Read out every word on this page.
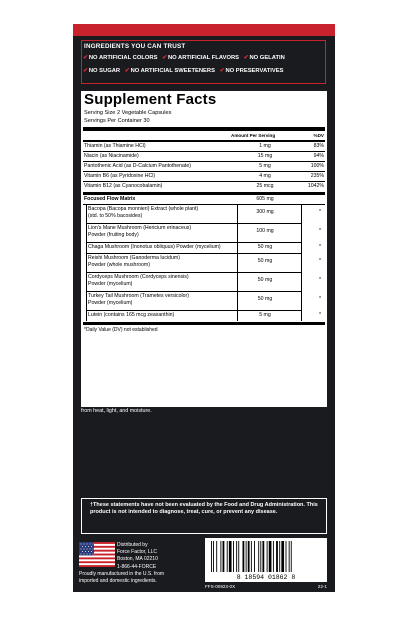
INGREDIENTS YOU CAN TRUST
✔NO ARTIFICIAL COLORS ✔NO ARTIFICIAL FLAVORS ✔NO GELATIN
✔NO SUGAR ✔NO ARTIFICIAL SWEETENERS ✔NO PRESERVATIVES
Supplement Facts
Serving Size 2 Vegetable Capsules
Servings Per Container 30
Amount Per Serving	%DV
Thiamin (as Thiamine HCl)	1 mg	83%
Niacin (as Niacinamide)	15 mg	94%
Pantothenic Acid (as D-Calcium Pantothenate)	5 mg	100%
Vitamin B6 (as Pyridoxine HCl)	4 mg	235%
Vitamin B12 (as Cyanocobalamin)	25 mcg	1042%
Focused Flow Matrix	605 mg
Bacopa (Bacopa monnieri) Extract (whole plant)
(std. to 50% bacosides)
300 mg	*
Lion's Mane Mushroom (Hericium erinaceus)
Powder (fruiting body)
100 mg	*
Chaga Mushroom (Inonotus obliquus) Powder (mycelium)	50 mg	*
Reishi Mushroom (Ganoderma lucidum)
Powder (whole mushroom)
50 mg	*
Cordyceps Mushroom (Cordyceps sinensis)
Powder (mycelium)
50 mg	*
Turkey Tail Mushroom (Trametes versicolor)
Powder (mycelium)
50 mg	*
Lutein (contains 165 mcg zeaxanthin)	5 mg	*
*Daily Value (DV) not established
Other Ingredients: Hypromellose, Microcrystalline Cellulose, Silicon Dioxide, Vegetable Magnesium Stearate.
Keep out of reach of children. For adult use only.
Allergen Warning: Manufactured by equipment which may process products containing milk, eggs, soy, wheat, shellfish, fish, tree nuts, peanuts, and sesame.
Precautions: Use only as directed. Consult a healthcare professional before use if you are pregnant or nursing, have a medical condition, or use prescription medications. Store in a cool, dry place. Protect from heat, light, and moisture.
†These statements have not been evaluated by the Food and Drug Administration. This product is not intended to diagnose, treat, cure, or prevent any disease.
Distributed by
Force Factor, LLC
Boston, MA 02210
1-866-44-FORCE
Proudly manufactured in the U.S. from
imported and domestic ingredients.	8 18594 01862 8
FFS-00923-0X	22-1
